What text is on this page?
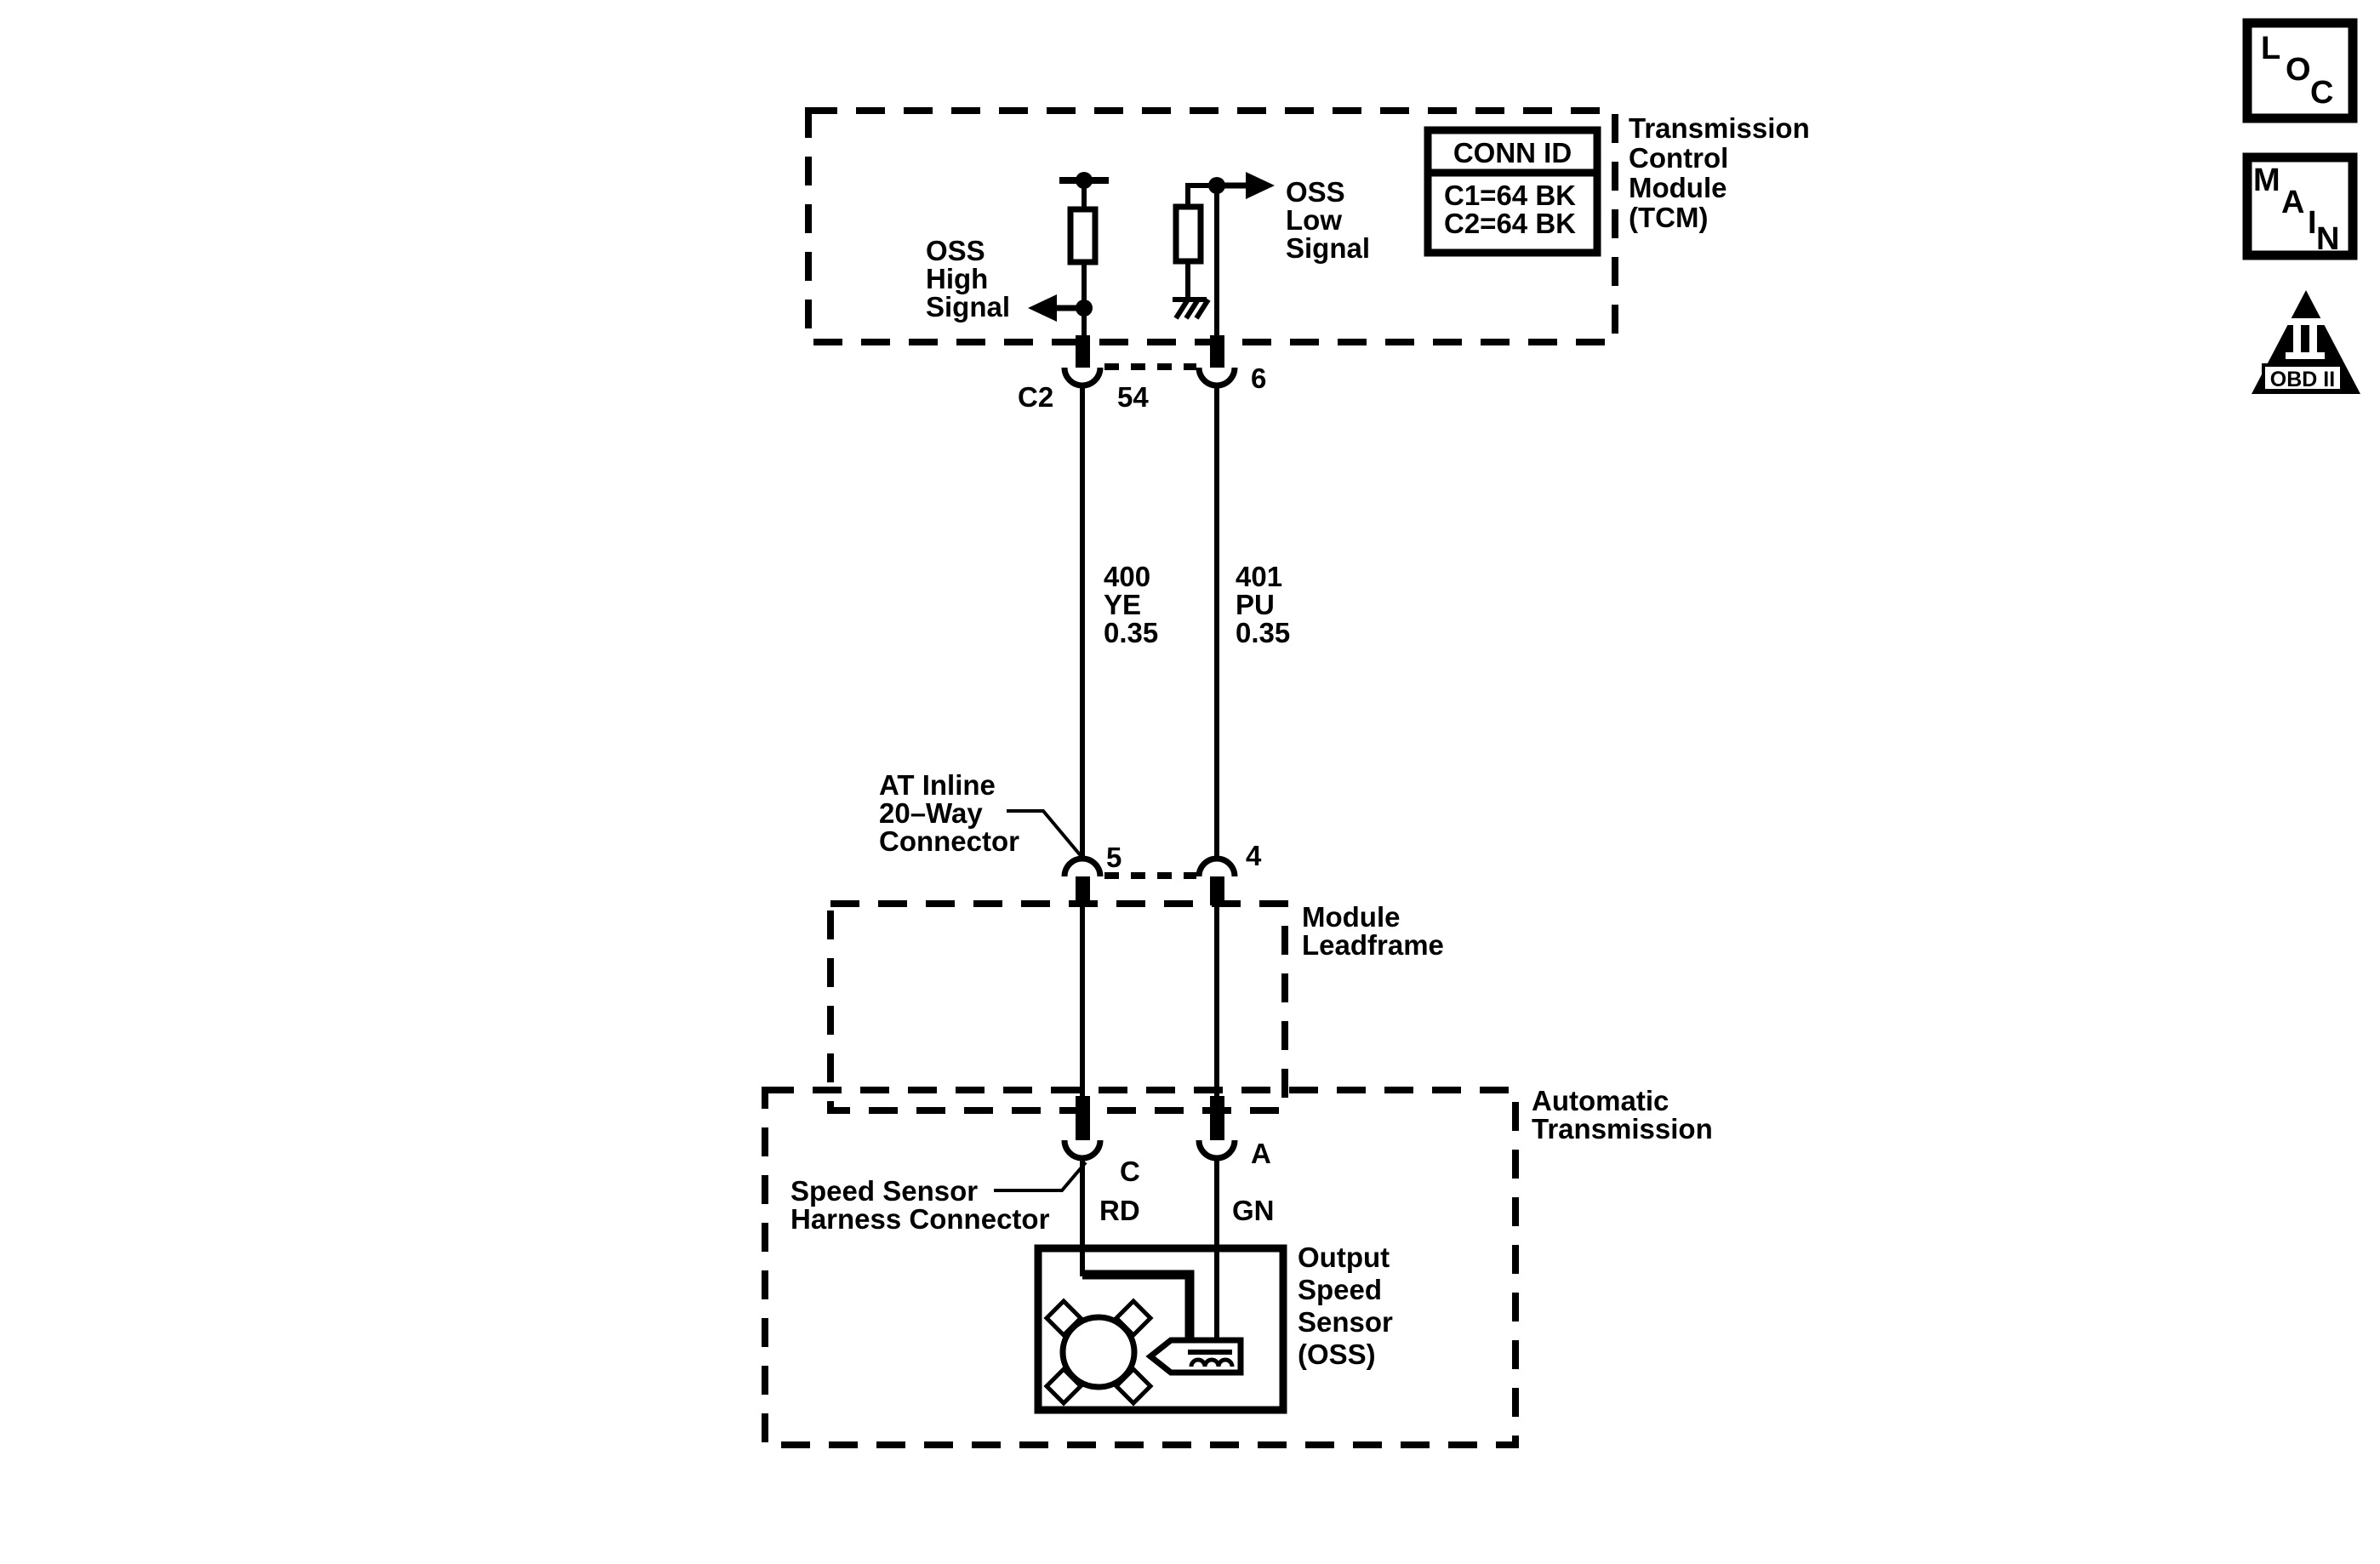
Transmission
Control
Module
(TCM)
CONN ID
C1=64 BK
C2=64 BK
OSS
High
Signal
OSS
Low
Signal
C2 54
6
400
YE
0.35
401
PU
0.35
AT Inline
20–Way
Connector
5	4
Module
Leadframe
Automatic
Transmission
Speed Sensor
Harness Connector
C
A
RD	GN
Output
Speed
Sensor
(OSS)
L
O
C
M
A
I N
OBD II
